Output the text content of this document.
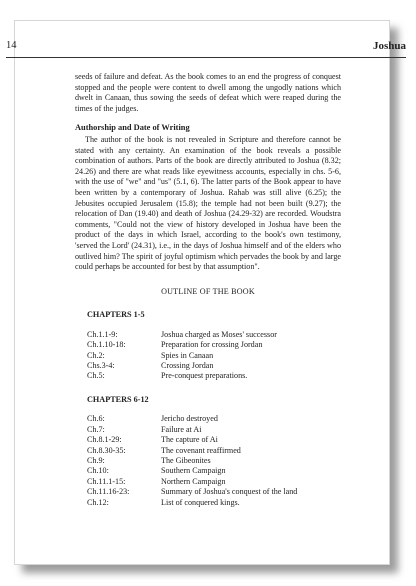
14	Joshua

seeds of failure and defeat. As the book comes to an end the progress of conquest stopped and the people were content to dwell among the ungodly nations which dwelt in Canaan, thus sowing the seeds of defeat which were reaped during the times of the judges.

Authorship and Date of Writing

The author of the book is not revealed in Scripture and therefore cannot be stated with any certainty. An examination of the book reveals a possible combination of authors. Parts of the book are directly attributed to Joshua (8.32; 24.26) and there are what reads like eyewitness accounts, especially in chs. 5-6, with the use of "we" and "us" (5.1, 6). The latter parts of the Book appear to have been written by a contemporary of Joshua. Rahab was still alive (6.25); the Jebusites occupied Jerusalem (15.8); the temple had not been built (9.27); the relocation of Dan (19.40) and death of Joshua (24.29-32) are recorded. Woudstra comments, "Could not the view of history developed in Joshua have been the product of the days in which Israel, according to the book's own testimony, 'served the Lord' (24.31), i.e., in the days of Joshua himself and of the elders who outlived him? The spirit of joyful optimism which pervades the book by and large could perhaps be accounted for best by that assumption".

OUTLINE OF THE BOOK
CHAPTERS 1-5
Ch.1.1-9:	Joshua charged as Moses' successor
Ch.1.10-18:	Preparation for crossing Jordan
Ch.2:	Spies in Canaan
Chs.3-4:	Crossing Jordan
Ch.5:	Pre-conquest preparations.
CHAPTERS 6-12
Ch.6:	Jericho destroyed
Ch.7:	Failure at Ai
Ch.8.1-29:	The capture of Ai
Ch.8.30-35:	The covenant reaffirmed
Ch.9:	The Gibeonites
Ch.10:	Southern Campaign
Ch.11.1-15:	Northern Campaign
Ch.11.16-23:	Summary of Joshua's conquest of the land
Ch.12:	List of conquered kings.
